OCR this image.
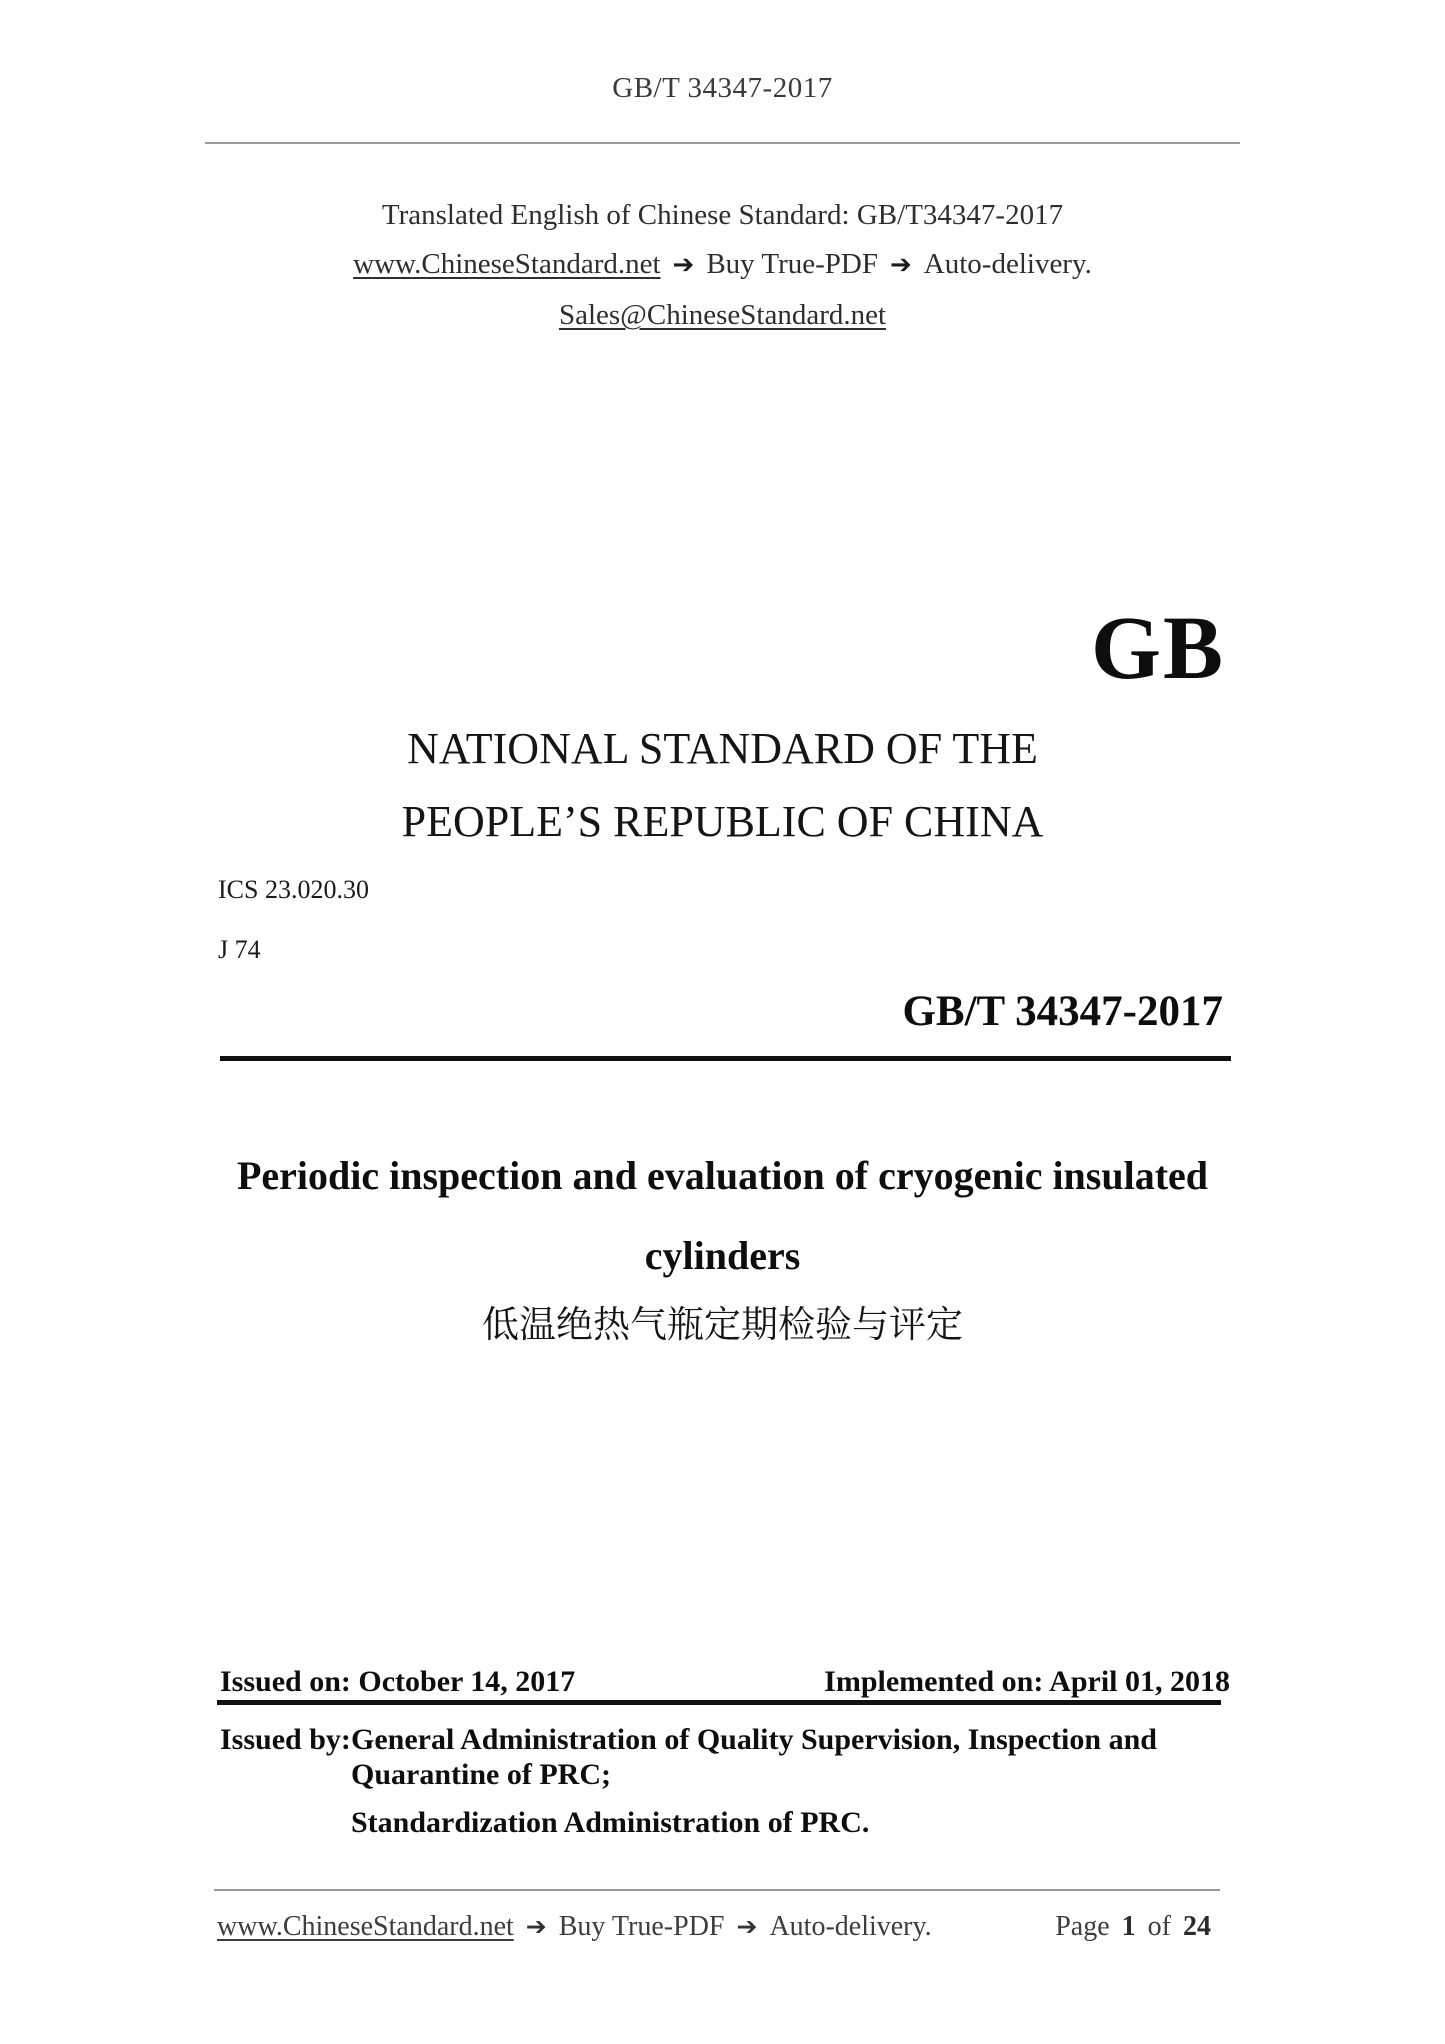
GB/T 34347-2017
Translated English of Chinese Standard: GB/T34347-2017
www.ChineseStandard.net ➔ Buy True-PDF ➔ Auto-delivery.
Sales@ChineseStandard.net
GB
NATIONAL STANDARD OF THE
PEOPLE’S REPUBLIC OF CHINA
ICS 23.020.30
J 74
GB/T 34347-2017
Periodic inspection and evaluation of cryogenic insulated
cylinders
低温绝热气瓶定期检验与评定
Issued on: October 14, 2017	Implemented on: April 01, 2018
Issued by: General Administration of Quality Supervision, Inspection and
Quarantine of PRC;
Standardization Administration of PRC.
www.ChineseStandard.net ➔ Buy True-PDF ➔ Auto-delivery.	Page 1 of 24
